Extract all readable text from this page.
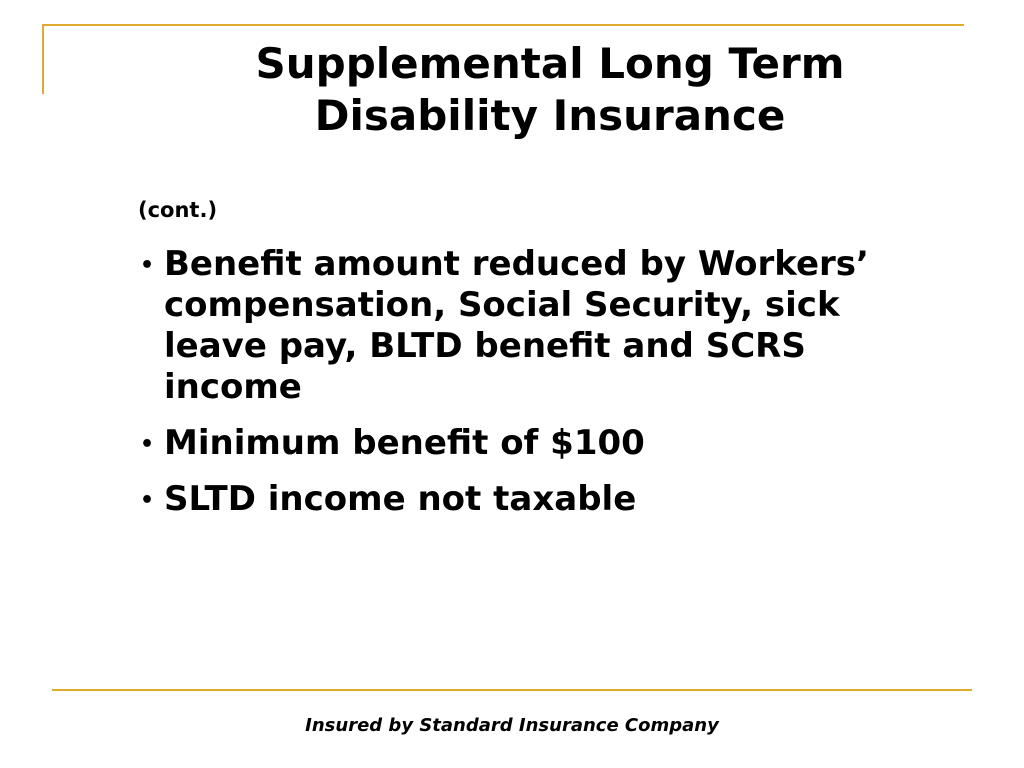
Supplemental Long Term
Disability Insurance
(cont.)
• Benefit amount reduced by Workers’ compensation, Social Security, sick leave pay, BLTD benefit and SCRS income
• Minimum benefit of $100
• SLTD income not taxable
Insured by Standard Insurance Company
